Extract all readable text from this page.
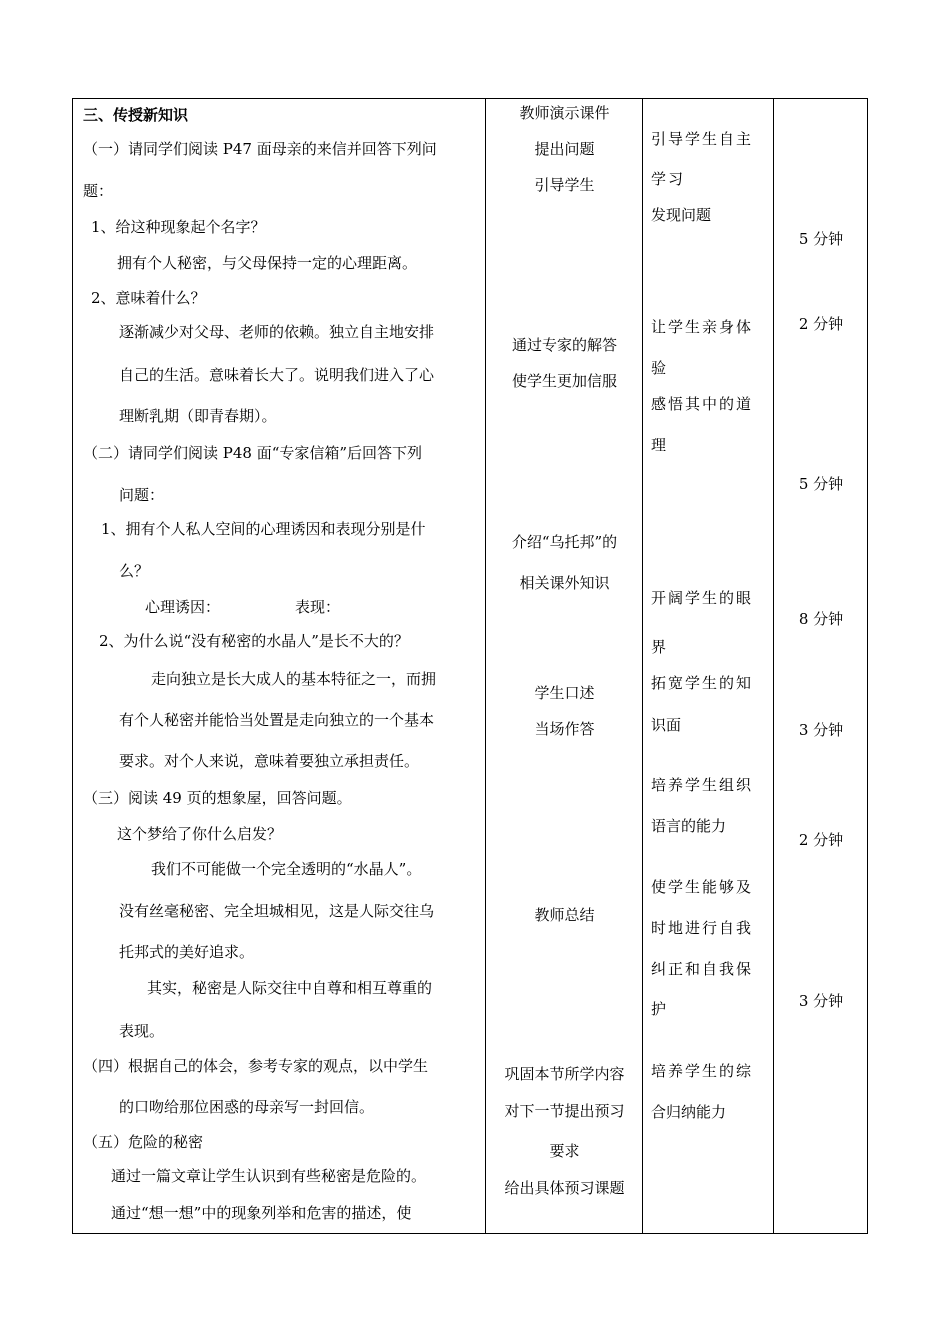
三、传授新知识
（一）请同学们阅读 P47 面母亲的来信并回答下列问
题：
1、给这种现象起个名字？
拥有个人秘密，与父母保持一定的心理距离。
2、意味着什么？
逐渐减少对父母、老师的依赖。独立自主地安排
自己的生活。意味着长大了。说明我们进入了心
理断乳期（即青春期）。
（二）请同学们阅读 P48 面“专家信箱”后回答下列
问题：
1、拥有个人私人空间的心理诱因和表现分别是什
么？
心理诱因：	表现：
2、为什么说“没有秘密的水晶人”是长不大的？
走向独立是长大成人的基本特征之一，而拥
有个人秘密并能恰当处置是走向独立的一个基本
要求。对个人来说，意味着要独立承担责任。
（三）阅读 49 页的想象屋，回答问题。
这个梦给了你什么启发？
我们不可能做一个完全透明的“水晶人”。
没有丝毫秘密、完全坦城相见，这是人际交往乌
托邦式的美好追求。
其实，秘密是人际交往中自尊和相互尊重的
表现。
（四）根据自己的体会，参考专家的观点，以中学生
的口吻给那位困惑的母亲写一封回信。
（五）危险的秘密
通过一篇文章让学生认识到有些秘密是危险的。
通过“想一想”中的现象列举和危害的描述，使
教师演示课件
提出问题
引导学生
通过专家的解答
使学生更加信服
介绍“乌托邦”的
相关课外知识
学生口述
当场作答
教师总结
巩固本节所学内容
对下一节提出预习
要求
给出具体预习课题
引导学生自主
学习
发现问题
让学生亲身体
验
感悟其中的道
理
开阔学生的眼
界
拓宽学生的知
识面
培养学生组织
语言的能力
使学生能够及
时地进行自我
纠正和自我保
护
培养学生的综
合归纳能力
5 分钟
2 分钟
5 分钟
8 分钟
3 分钟
2 分钟
3 分钟
